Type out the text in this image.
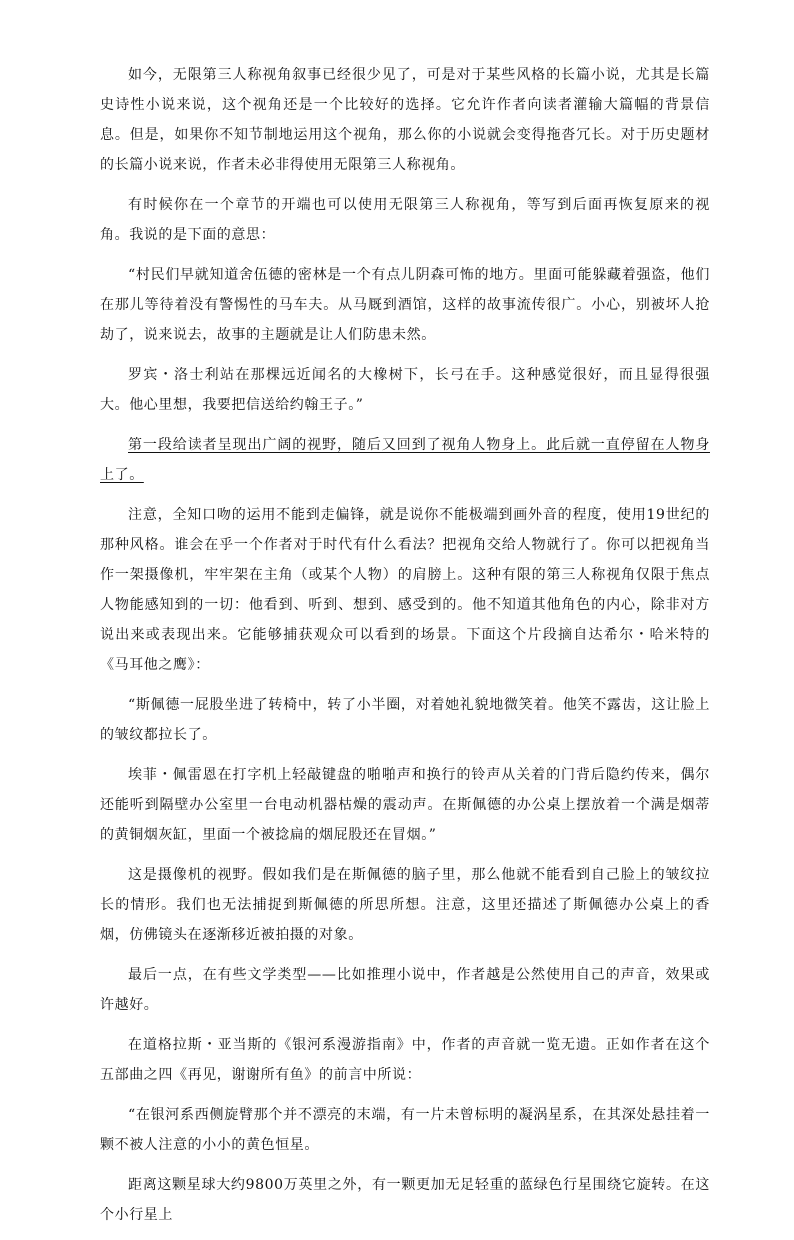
如今，无限第三人称视角叙事已经很少见了，可是对于某些风格的长篇小说，尤其是长篇史诗性小说来说，这个视角还是一个比较好的选择。它允许作者向读者灌输大篇幅的背景信息。但是，如果你不知节制地运用这个视角，那么你的小说就会变得拖沓冗长。对于历史题材的长篇小说来说，作者未必非得使用无限第三人称视角。

有时候你在一个章节的开端也可以使用无限第三人称视角，等写到后面再恢复原来的视角。我说的是下面的意思：

“村民们早就知道舍伍德的密林是一个有点儿阴森可怖的地方。里面可能躲藏着强盗，他们在那儿等待着没有警惕性的马车夫。从马厩到酒馆，这样的故事流传很广。小心，别被坏人抢劫了，说来说去，故事的主题就是让人们防患未然。

罗宾・洛士利站在那棵远近闻名的大橡树下，长弓在手。这种感觉很好，而且显得很强大。他心里想，我要把信送给约翰王子。”

第一段给读者呈现出广阔的视野，随后又回到了视角人物身上。此后就一直停留在人物身上了。

注意，全知口吻的运用不能到走偏锋，就是说你不能极端到画外音的程度，使用19世纪的那种风格。谁会在乎一个作者对于时代有什么看法？把视角交给人物就行了。你可以把视角当作一架摄像机，牢牢架在主角（或某个人物）的肩膀上。这种有限的第三人称视角仅限于焦点人物能感知到的一切：他看到、听到、想到、感受到的。他不知道其他角色的内心，除非对方说出来或表现出来。它能够捕获观众可以看到的场景。下面这个片段摘自达希尔・哈米特的《马耳他之鹰》：

“斯佩德一屁股坐进了转椅中，转了小半圈，对着她礼貌地微笑着。他笑不露齿，这让脸上的皱纹都拉长了。

埃菲・佩雷恩在打字机上轻敲键盘的啪啪声和换行的铃声从关着的门背后隐约传来，偶尔还能听到隔壁办公室里一台电动机器枯燥的震动声。在斯佩德的办公桌上摆放着一个满是烟蒂的黄铜烟灰缸，里面一个被捻扁的烟屁股还在冒烟。”

这是摄像机的视野。假如我们是在斯佩德的脑子里，那么他就不能看到自己脸上的皱纹拉长的情形。我们也无法捕捉到斯佩德的所思所想。注意，这里还描述了斯佩德办公桌上的香烟，仿佛镜头在逐渐移近被拍摄的对象。

最后一点，在有些文学类型——比如推理小说中，作者越是公然使用自己的声音，效果或许越好。

在道格拉斯・亚当斯的《银河系漫游指南》中，作者的声音就一览无遗。正如作者在这个五部曲之四《再见，谢谢所有鱼》的前言中所说：

“在银河系西侧旋臂那个并不漂亮的末端，有一片未曾标明的凝涡星系，在其深处悬挂着一颗不被人注意的小小的黄色恒星。

距离这颗星球大约9800万英里之外，有一颗更加无足轻重的蓝绿色行星围绕它旋转。在这个小行星上
